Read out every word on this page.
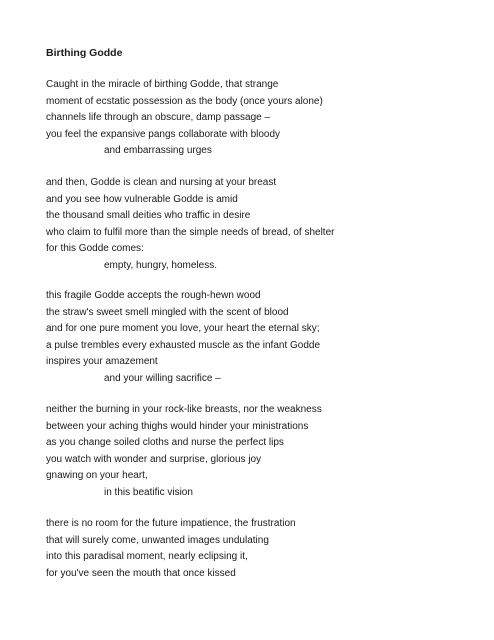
Birthing Godde
Caught in the miracle of birthing Godde, that strange
moment of ecstatic possession as the body (once yours alone)
channels life through an obscure, damp passage –
you feel the expansive pangs collaborate with bloody
and embarrassing urges
and then, Godde is clean and nursing at your breast
and you see how vulnerable Godde is amid
the thousand small deities who traffic in desire
who claim to fulfil more than the simple needs of bread, of shelter
for this Godde comes:
empty, hungry, homeless.
this fragile Godde accepts the rough-hewn wood
the straw's sweet smell mingled with the scent of blood
and for one pure moment you love, your heart the eternal sky;
a pulse trembles every exhausted muscle as the infant Godde
inspires your amazement
and your willing sacrifice –
neither the burning in your rock-like breasts, nor the weakness
between your aching thighs would hinder your ministrations
as you change soiled cloths and nurse the perfect lips
you watch with wonder and surprise, glorious joy
gnawing on your heart,
in this beatific vision
there is no room for the future impatience, the frustration
that will surely come, unwanted images undulating
into this paradisal moment, nearly eclipsing it,
for you've seen the mouth that once kissed
